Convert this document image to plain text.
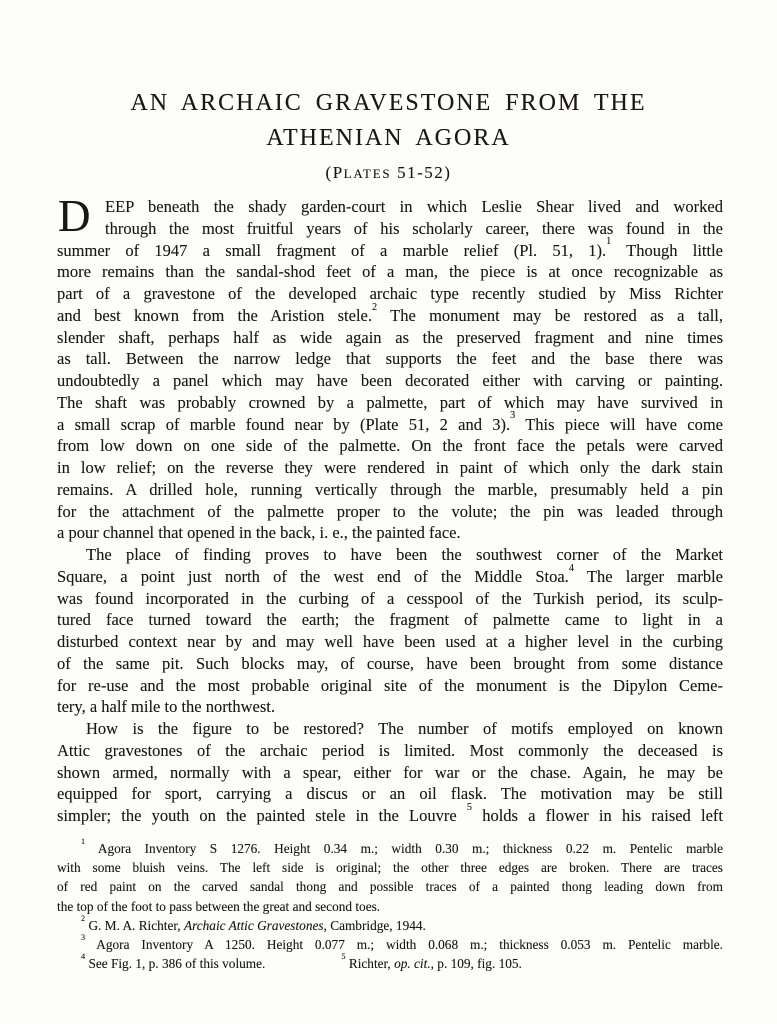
AN ARCHAIC GRAVESTONE FROM THE
ATHENIAN AGORA
(PLATES 51-52)
D EEP beneath the shady garden-court in which Leslie Shear lived and worked
through the most fruitful years of his scholarly career, there was found in the
summer of 1947 a small fragment of a marble relief (Pl. 51, 1).$^1$ Though little
more remains than the sandal-shod feet of a man, the piece is at once recognizable as
part of a gravestone of the developed archaic type recently studied by Miss Richter
and best known from the Aristion stele.$^2$ The monument may be restored as a tall,
slender shaft, perhaps half as wide again as the preserved fragment and nine times
as tall. Between the narrow ledge that supports the feet and the base there was
undoubtedly a panel which may have been decorated either with carving or painting.
The shaft was probably crowned by a palmette, part of which may have survived in
a small scrap of marble found near by (Plate 51, 2 and 3).$^3$ This piece will have come
from low down on one side of the palmette. On the front face the petals were carved
in low relief; on the reverse they were rendered in paint of which only the dark stain
remains. A drilled hole, running vertically through the marble, presumably held a pin
for the attachment of the palmette proper to the volute; the pin was leaded through
a pour channel that opened in the back, i. e., the painted face.
The place of finding proves to have been the southwest corner of the Market
Square, a point just north of the west end of the Middle Stoa.$^4$ The larger marble
was found incorporated in the curbing of a cesspool of the Turkish period, its sculp-
tured face turned toward the earth; the fragment of palmette came to light in a
disturbed context near by and may well have been used at a higher level in the curbing
of the same pit. Such blocks may, of course, have been brought from some distance
for re-use and the most probable original site of the monument is the Dipylon Ceme-
tery, a half mile to the northwest.
How is the figure to be restored? The number of motifs employed on known
Attic gravestones of the archaic period is limited. Most commonly the deceased is
shown armed, normally with a spear, either for war or the chase. Again, he may be
equipped for sport, carrying a discus or an oil flask. The motivation may be still
simpler; the youth on the painted stele in the Louvre $^5$ holds a flower in his raised left
$^1$ Agora Inventory S 1276. Height 0.34 m.; width 0.30 m.; thickness 0.22 m. Pentelic marble
with some bluish veins. The left side is original; the other three edges are broken. There are traces
of red paint on the carved sandal thong and possible traces of a painted thong leading down from
the top of the foot to pass between the great and second toes.
$^2$ G. M. A. Richter, Archaic Attic Gravestones, Cambridge, 1944.
$^3$ Agora Inventory A 1250. Height 0.077 m.; width 0.068 m.; thickness 0.053 m. Pentelic marble.
$^4$ See Fig. 1, p. 386 of this volume.	$^5$ Richter, op. cit., p. 109, fig. 105.
